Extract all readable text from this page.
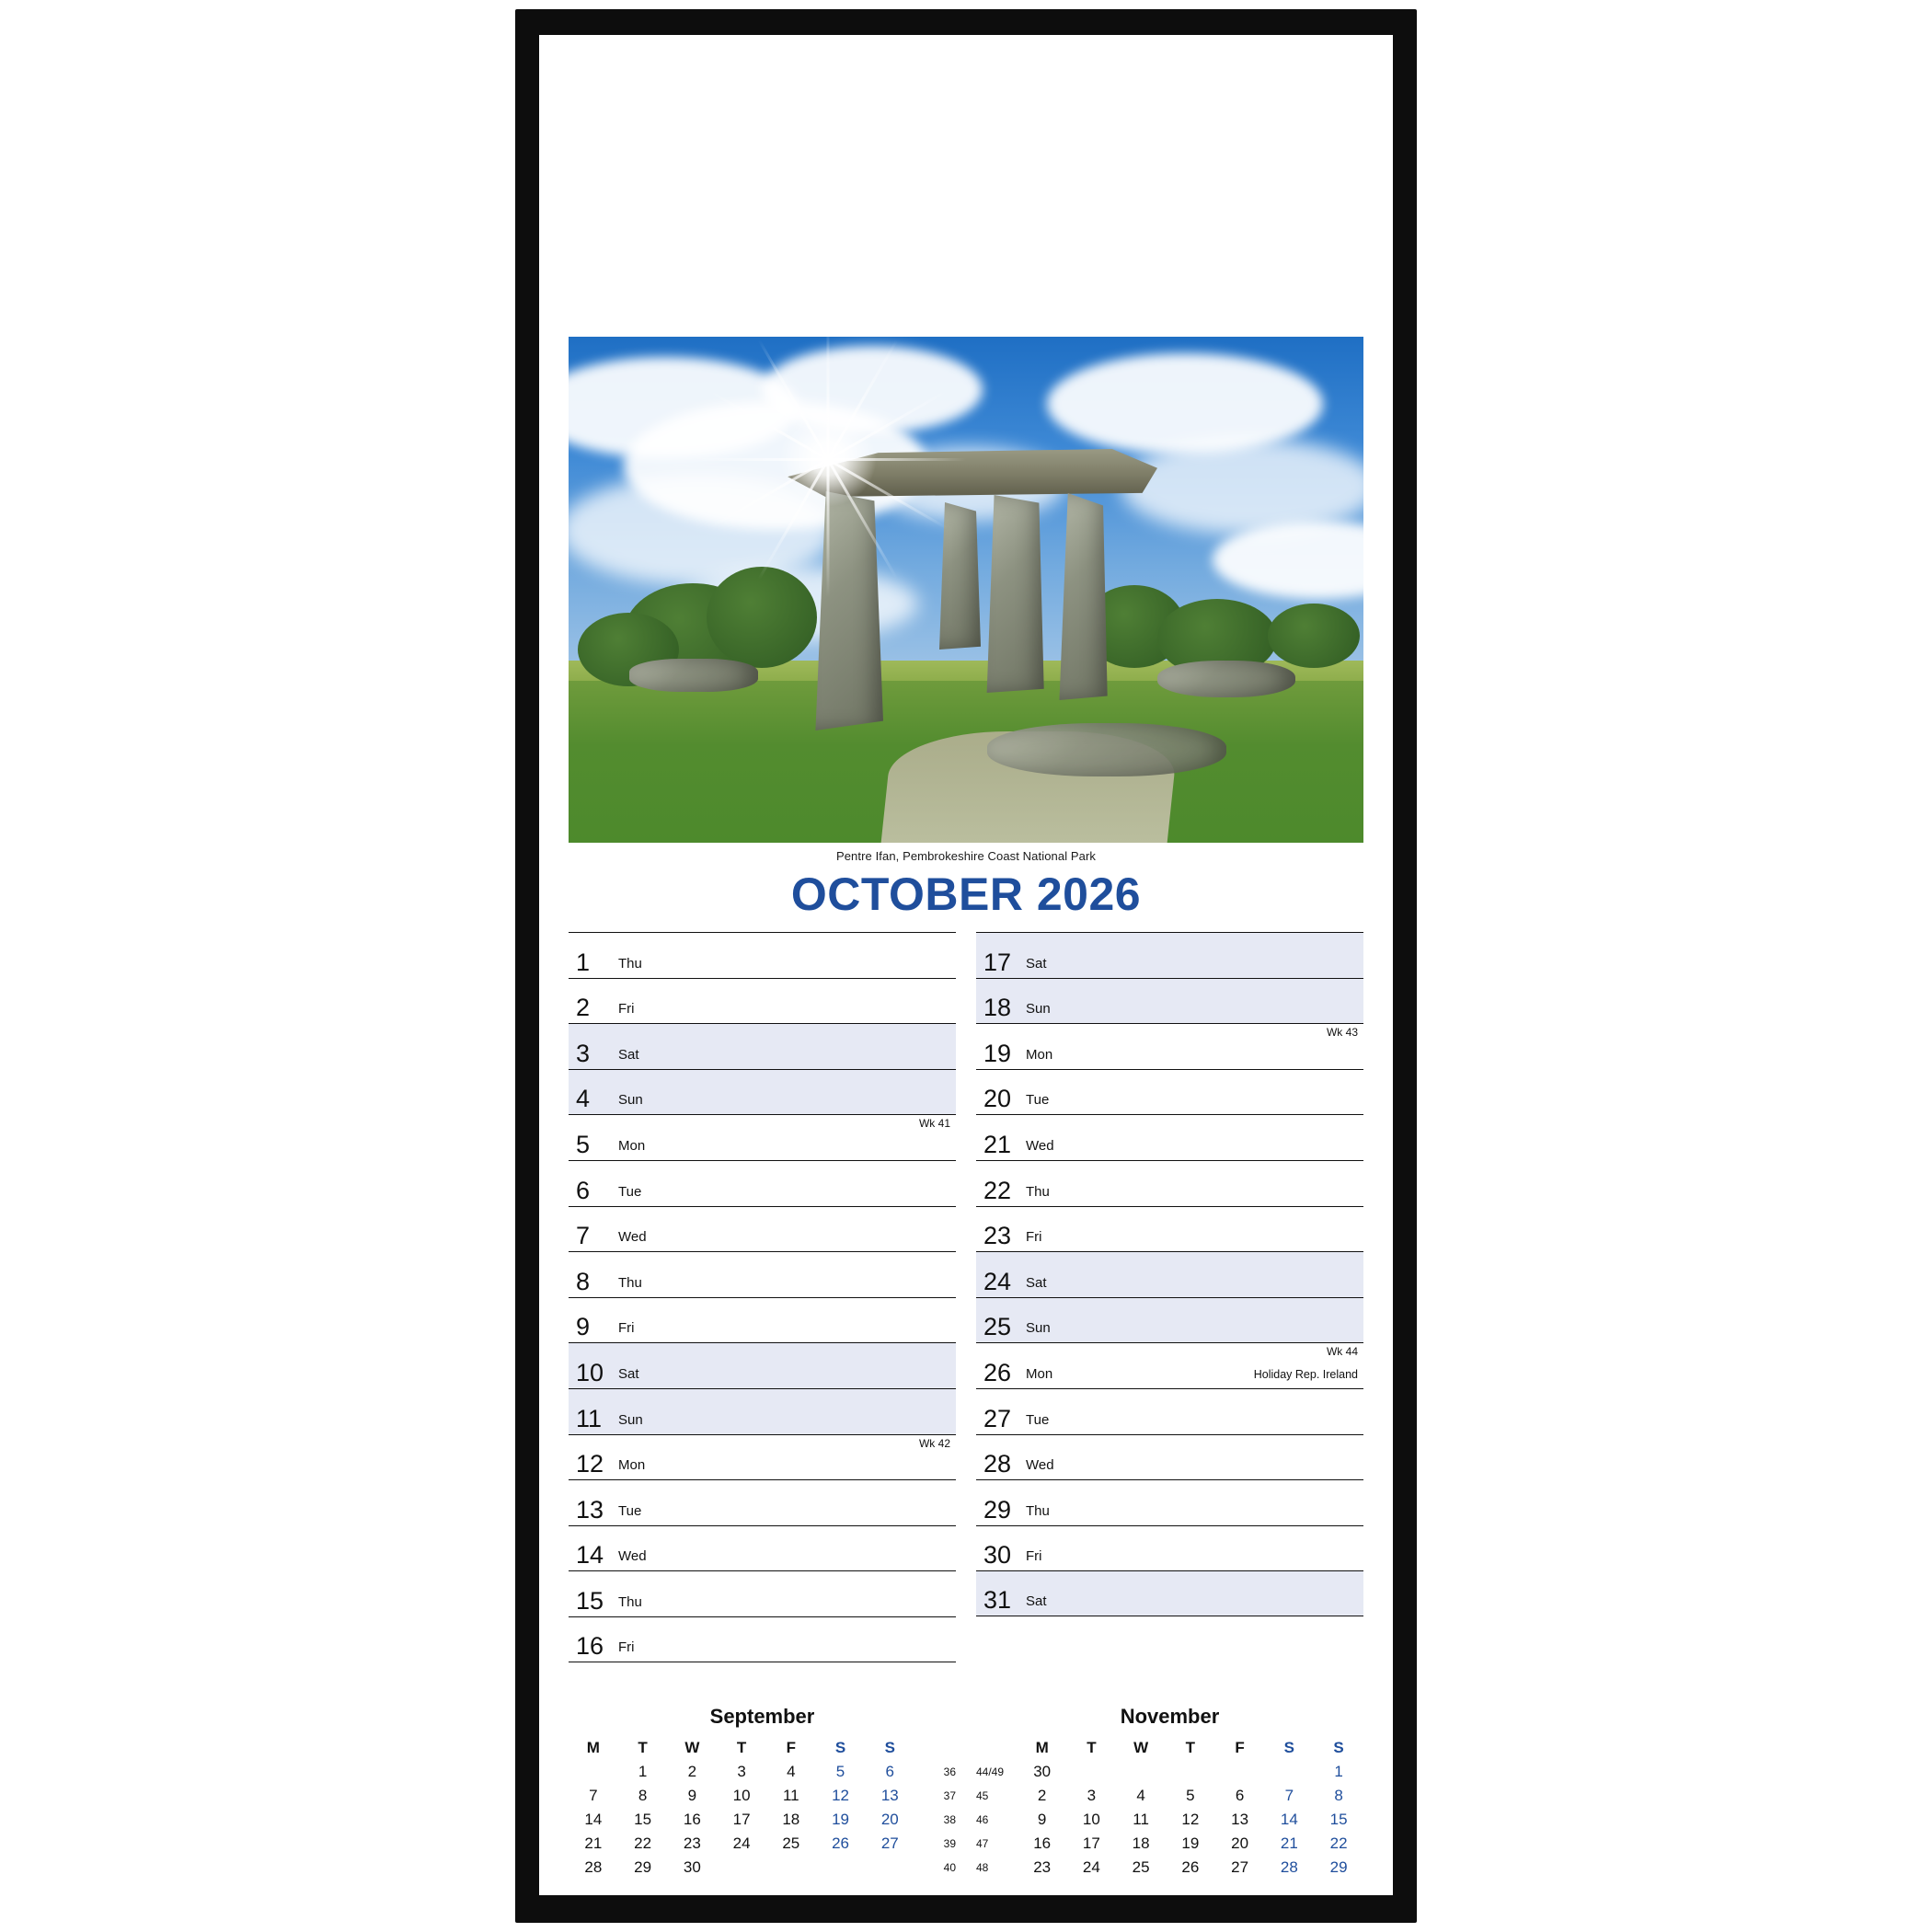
Pentre Ifan, Pembrokeshire Coast National Park
OCTOBER 2026
1 Thu
2 Fri
3 Sat
4 Sun
5 Mon
Wk 41
6 Tue
7 Wed
8 Thu
9 Fri
10 Sat
11 Sun
12 Mon
Wk 42
13 Tue
14 Wed
15 Thu
16 Fri
17 Sat
18 Sun
19 Mon
Wk 43
20 Tue
21 Wed
22 Thu
23 Fri
24 Sat
25 Sun
26 Mon	Holiday Rep. Ireland
Wk 44
27 Tue
28 Wed
29 Thu
30 Fri
31 Sat
September
M	T	W	T	F	S	S	
	1	2	3	4	5	6	36
7	8	9	10	11	12	13	37
14	15	16	17	18	19	20	38
21	22	23	24	25	26	27	39
28	29	30					40
November
	M	T	W	T	F	S	S
44/49	30						1
45	2	3	4	5	6	7	8
46	9	10	11	12	13	14	15
47	16	17	18	19	20	21	22
48	23	24	25	26	27	28	29
